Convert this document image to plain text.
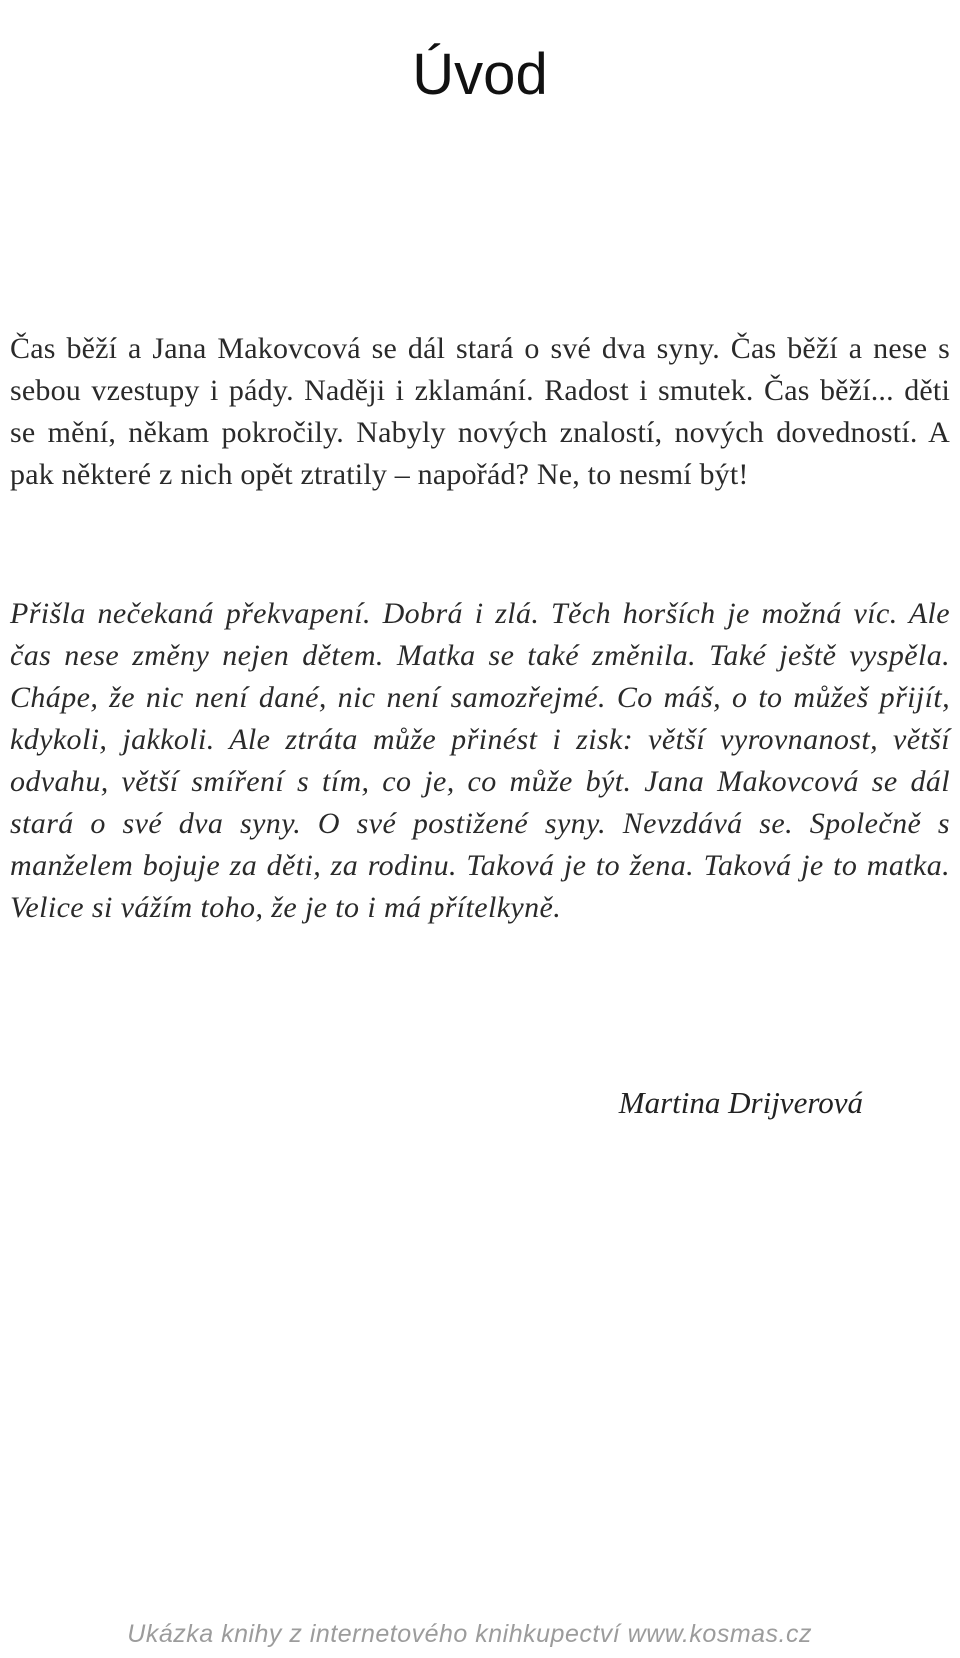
Úvod

Čas běží a Jana Makovcová se dál stará o své dva syny. Čas běží a nese s sebou vzestupy i pády. Naději i zklamání. Radost i smutek. Čas běží... děti se mění, někam pokročily. Nabyly nových znalostí, nových dovedností. A pak některé z nich opět ztratily – napořád? Ne, to nesmí být!

Přišla nečekaná překvapení. Dobrá i zlá. Těch horších je možná víc. Ale čas nese změny nejen dětem. Matka se také změnila. Také ještě vyspěla. Chápe, že nic není dané, nic není samozřejmé. Co máš, o to můžeš přijít, kdykoli, jakkoli. Ale ztráta může přinést i zisk: větší vyrovnanost, větší odvahu, větší smíření s tím, co je, co může být. Jana Makovcová se dál stará o své dva syny. O své postižené syny. Nevzdává se. Společně s manželem bojuje za děti, za rodinu. Taková je to žena. Taková je to matka. Velice si vážím toho, že je to i má přítelkyně.

Martina Drijverová
Ukázka knihy z internetového knihkupectví www.kosmas.cz
